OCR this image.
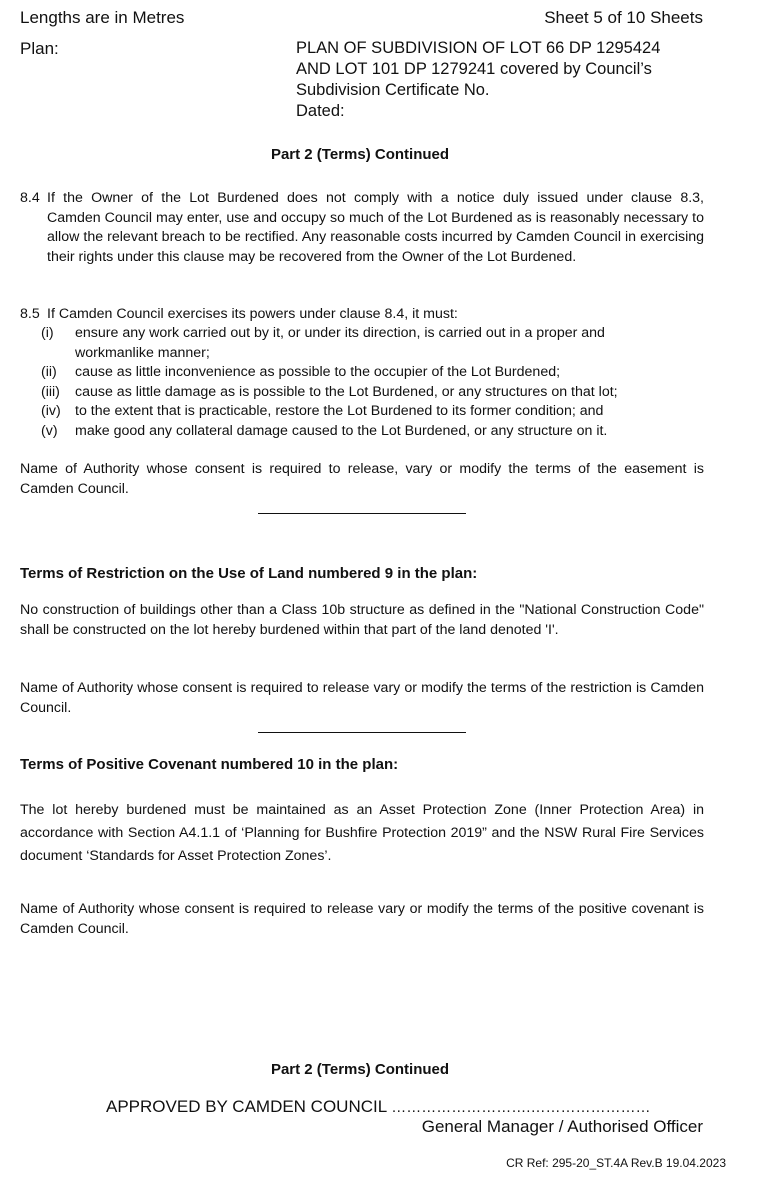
Lengths are in Metres	Sheet 5 of 10 Sheets
Plan:	PLAN OF SUBDIVISION OF LOT 66 DP 1295424
AND LOT 101 DP 1279241 covered by Council’s
Subdivision Certificate No.
Dated:
Part 2 (Terms) Continued
8.4 If the Owner of the Lot Burdened does not comply with a notice duly issued under clause 8.3,
Camden Council may enter, use and occupy so much of the Lot Burdened as is reasonably necessary to allow the relevant breach to be rectified. Any reasonable costs incurred by Camden Council in exercising their rights under this clause may be recovered from the Owner of the Lot Burdened.
8.5 If Camden Council exercises its powers under clause 8.4, it must:
(i) ensure any work carried out by it, or under its direction, is carried out in a proper and
workmanlike manner;
(ii) cause as little inconvenience as possible to the occupier of the Lot Burdened;
(iii) cause as little damage as is possible to the Lot Burdened, or any structures on that lot;
(iv) to the extent that is practicable, restore the Lot Burdened to its former condition; and
(v) make good any collateral damage caused to the Lot Burdened, or any structure on it.
Name of Authority whose consent is required to release, vary or modify the terms of the easement is Camden Council.
Terms of Restriction on the Use of Land numbered 9 in the plan:
No construction of buildings other than a Class 10b structure as defined in the "National Construction Code" shall be constructed on the lot hereby burdened within that part of the land denoted 'I'.
Name of Authority whose consent is required to release vary or modify the terms of the restriction is Camden Council.
Terms of Positive Covenant numbered 10 in the plan:
The lot hereby burdened must be maintained as an Asset Protection Zone (Inner Protection Area) in accordance with Section A4.1.1 of ‘Planning for Bushfire Protection 2019” and the NSW Rural Fire Services document ‘Standards for Asset Protection Zones’.
Name of Authority whose consent is required to release vary or modify the terms of the positive covenant is Camden Council.
Part 2 (Terms) Continued
APPROVED BY CAMDEN COUNCIL ……………………….……………………
General Manager / Authorised Officer
CR Ref: 295-20_ST.4A Rev.B 19.04.2023
